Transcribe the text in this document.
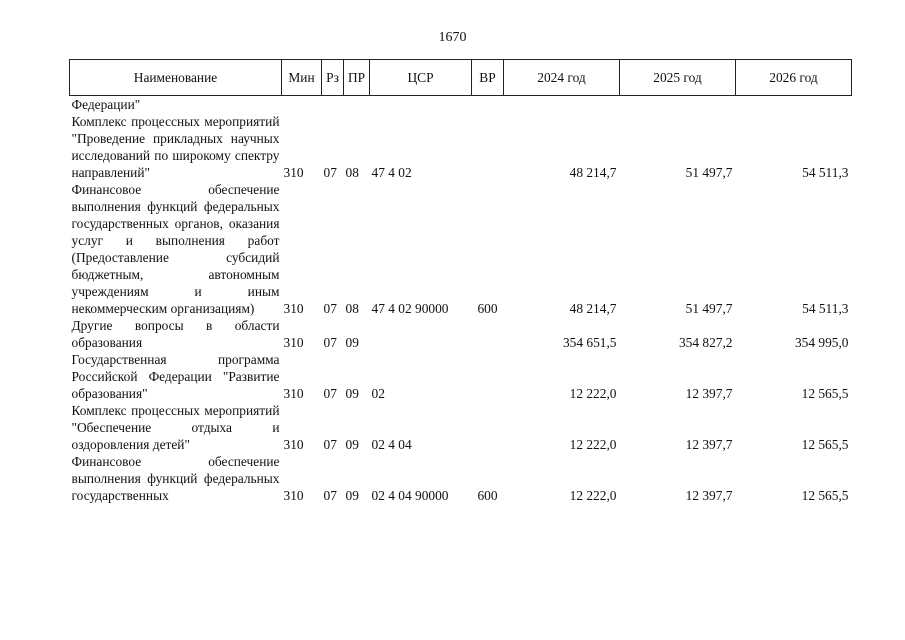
1670
Наименование	Мин	Рз	ПР	ЦСР	ВР	2024 год	2025 год	2026 год
Федерации"								
Комплекс процессных мероприятий "Проведение прикладных научных исследований по широкому спектру направлений"	310	07	08	47 4 02		48 214,7	51 497,7	54 511,3
Финансовое обеспечение выполнения функций федеральных государственных органов, оказания услуг и выполнения работ (Предоставление субсидий бюджетным, автономным учреждениям и иным некоммерческим организациям)	310	07	08	47 4 02 90000	600	48 214,7	51 497,7	54 511,3
Другие вопросы в области образования	310	07	09			354 651,5	354 827,2	354 995,0
Государственная программа Российской Федерации "Развитие образования"	310	07	09	02		12 222,0	12 397,7	12 565,5
Комплекс процессных мероприятий "Обеспечение отдыха и оздоровления детей"	310	07	09	02 4 04		12 222,0	12 397,7	12 565,5
Финансовое обеспечение выполнения функций федеральных государственных	310	07	09	02 4 04 90000	600	12 222,0	12 397,7	12 565,5
